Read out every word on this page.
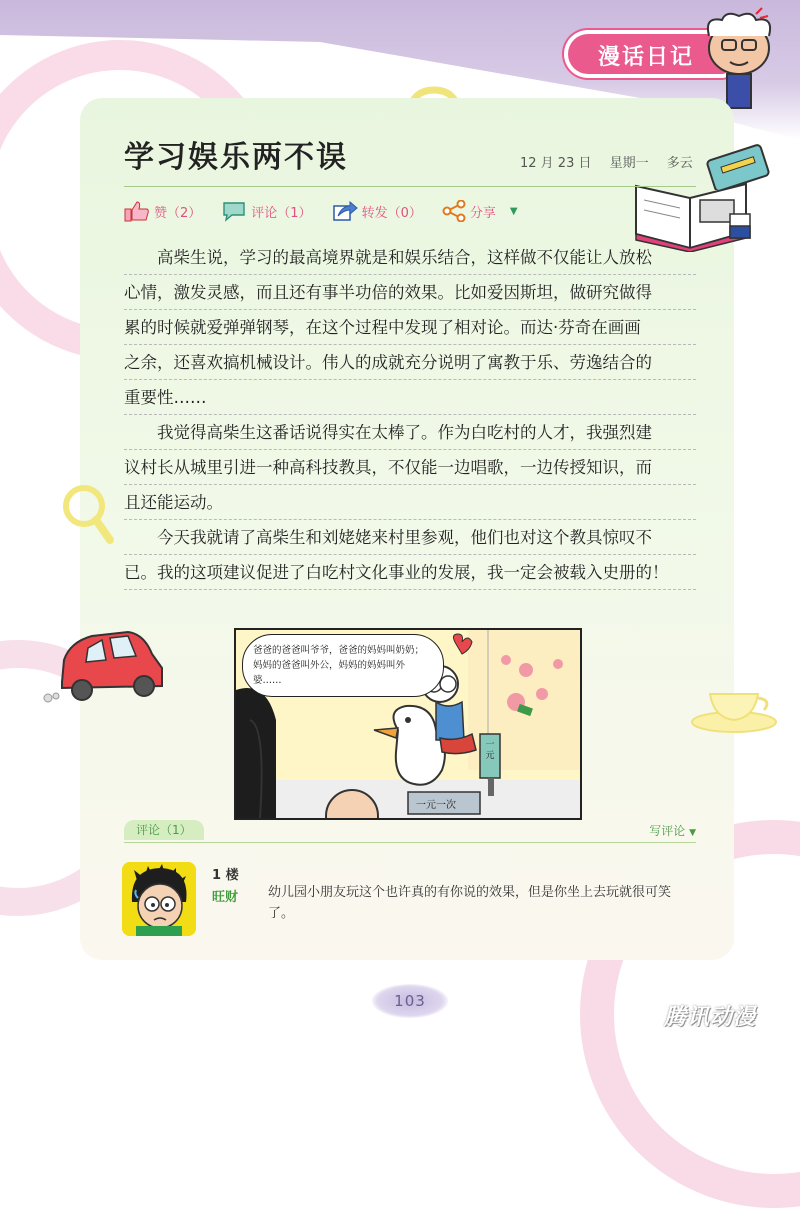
漫话日记
学习娱乐两不误	12 月 23 日 星期一 多云
赞（2）	评论（1）	转发（0）	分享 ▼
　　高柴生说，学习的最高境界就是和娱乐结合，这样做不仅能让人放松
心情，激发灵感，而且还有事半功倍的效果。比如爱因斯坦，做研究做得
累的时候就爱弹弹钢琴，在这个过程中发现了相对论。而达·芬奇在画画
之余，还喜欢搞机械设计。伟人的成就充分说明了寓教于乐、劳逸结合的
重要性……
　　我觉得高柴生这番话说得实在太棒了。作为白吃村的人才，我强烈建
议村长从城里引进一种高科技教具，不仅能一边唱歌，一边传授知识，而
且还能运动。
　　今天我就请了高柴生和刘姥姥来村里参观，他们也对这个教具惊叹不
已。我的这项建议促进了白吃村文化事业的发展，我一定会被载入史册的！
爸爸的爸爸叫爷爷，爸爸的妈妈叫奶奶；妈妈的爸爸叫外公，妈妈的妈妈叫外婆……
一元
一元一次
评论（1）	写评论 ▼
1 楼
旺财 幼儿园小朋友玩这个也许真的有你说的效果，但是你坐上去玩就很可笑了。
103
腾讯动漫
